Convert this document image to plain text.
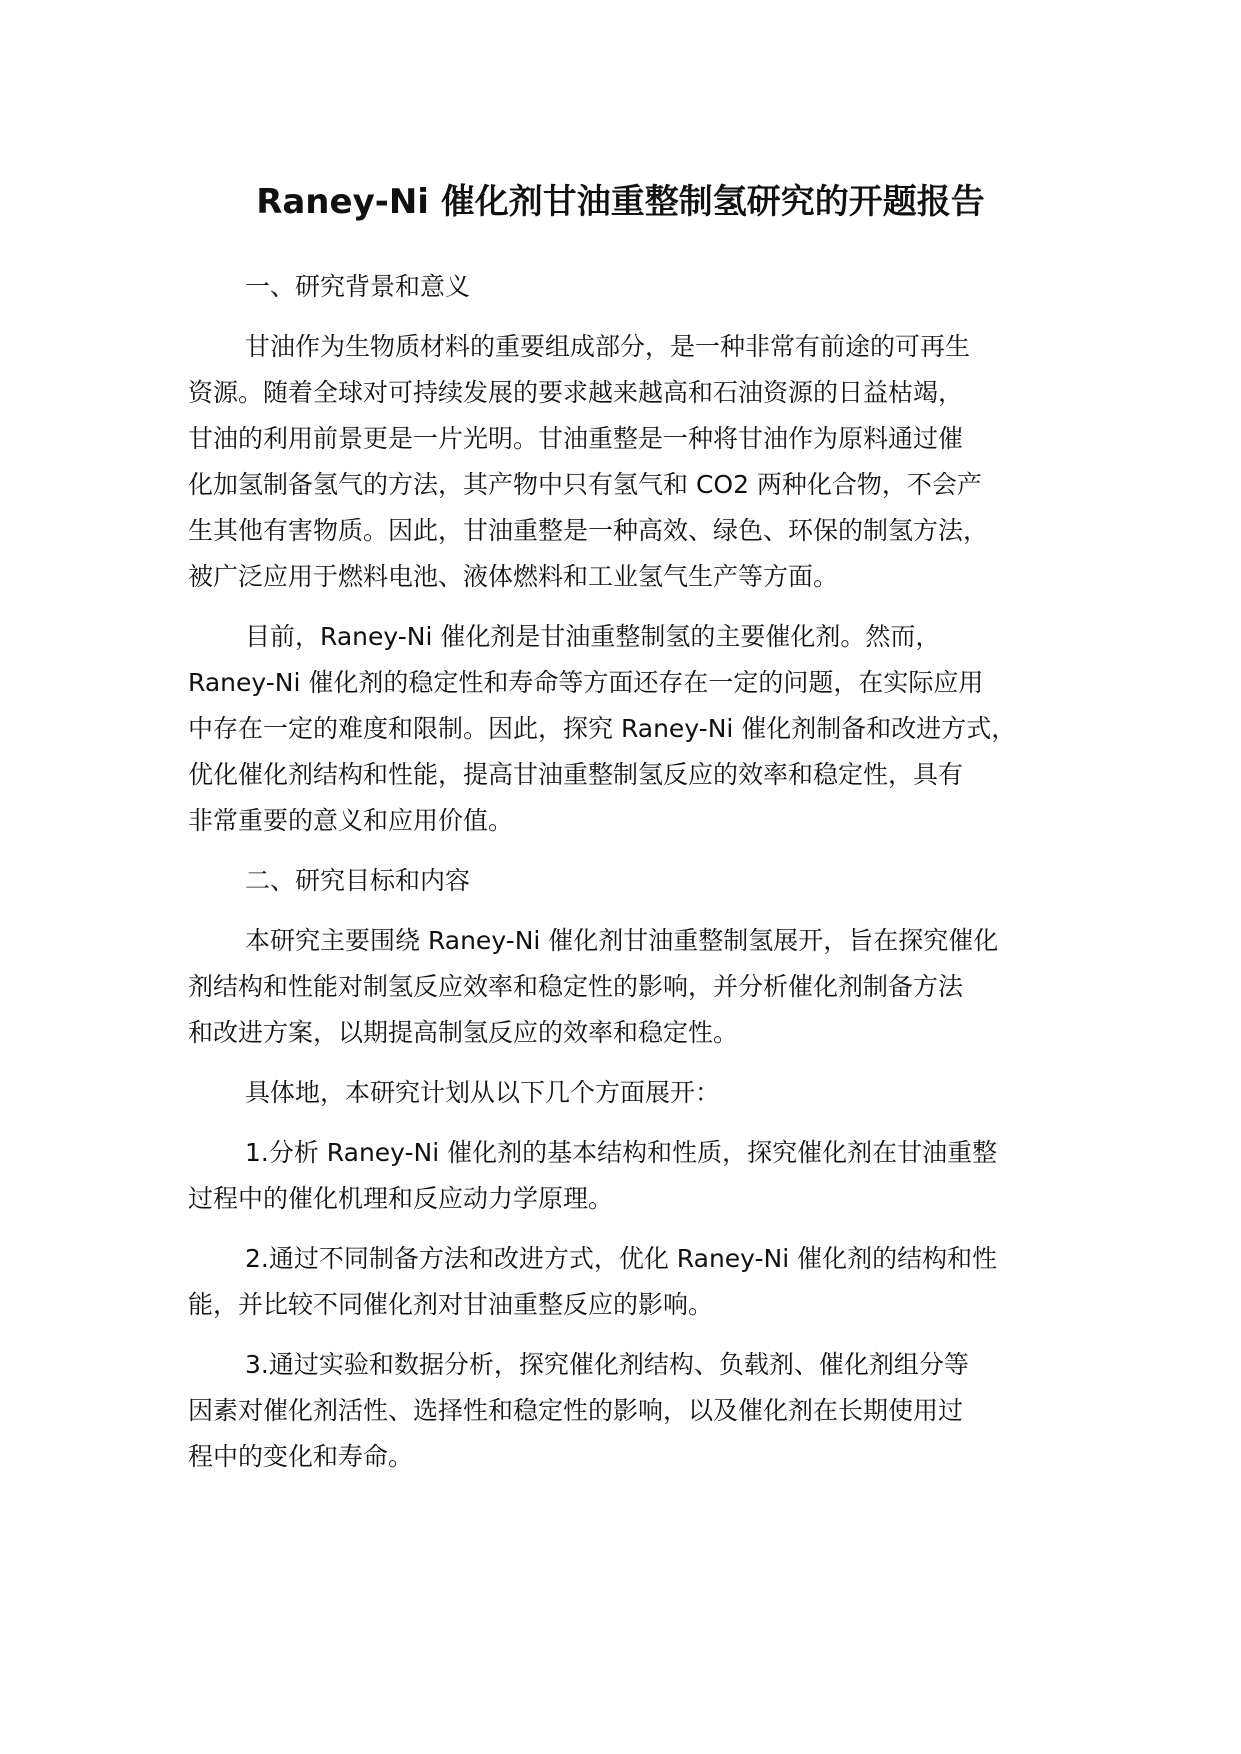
Raney-Ni 催化剂甘油重整制氢研究的开题报告

一、研究背景和意义

甘油作为生物质材料的重要组成部分，是一种非常有前途的可再生
资源。随着全球对可持续发展的要求越来越高和石油资源的日益枯竭，
甘油的利用前景更是一片光明。甘油重整是一种将甘油作为原料通过催
化加氢制备氢气的方法，其产物中只有氢气和 CO2 两种化合物，不会产
生其他有害物质。因此，甘油重整是一种高效、绿色、环保的制氢方法，
被广泛应用于燃料电池、液体燃料和工业氢气生产等方面。

目前，Raney-Ni 催化剂是甘油重整制氢的主要催化剂。然而，
Raney-Ni 催化剂的稳定性和寿命等方面还存在一定的问题，在实际应用
中存在一定的难度和限制。因此，探究 Raney-Ni 催化剂制备和改进方式，
优化催化剂结构和性能，提高甘油重整制氢反应的效率和稳定性，具有
非常重要的意义和应用价值。

二、研究目标和内容

本研究主要围绕 Raney-Ni 催化剂甘油重整制氢展开，旨在探究催化
剂结构和性能对制氢反应效率和稳定性的影响，并分析催化剂制备方法
和改进方案，以期提高制氢反应的效率和稳定性。

具体地，本研究计划从以下几个方面展开：

1.分析 Raney-Ni 催化剂的基本结构和性质，探究催化剂在甘油重整
过程中的催化机理和反应动力学原理。

2.通过不同制备方法和改进方式，优化 Raney-Ni 催化剂的结构和性
能，并比较不同催化剂对甘油重整反应的影响。

3.通过实验和数据分析，探究催化剂结构、负载剂、催化剂组分等
因素对催化剂活性、选择性和稳定性的影响，以及催化剂在长期使用过
程中的变化和寿命。
